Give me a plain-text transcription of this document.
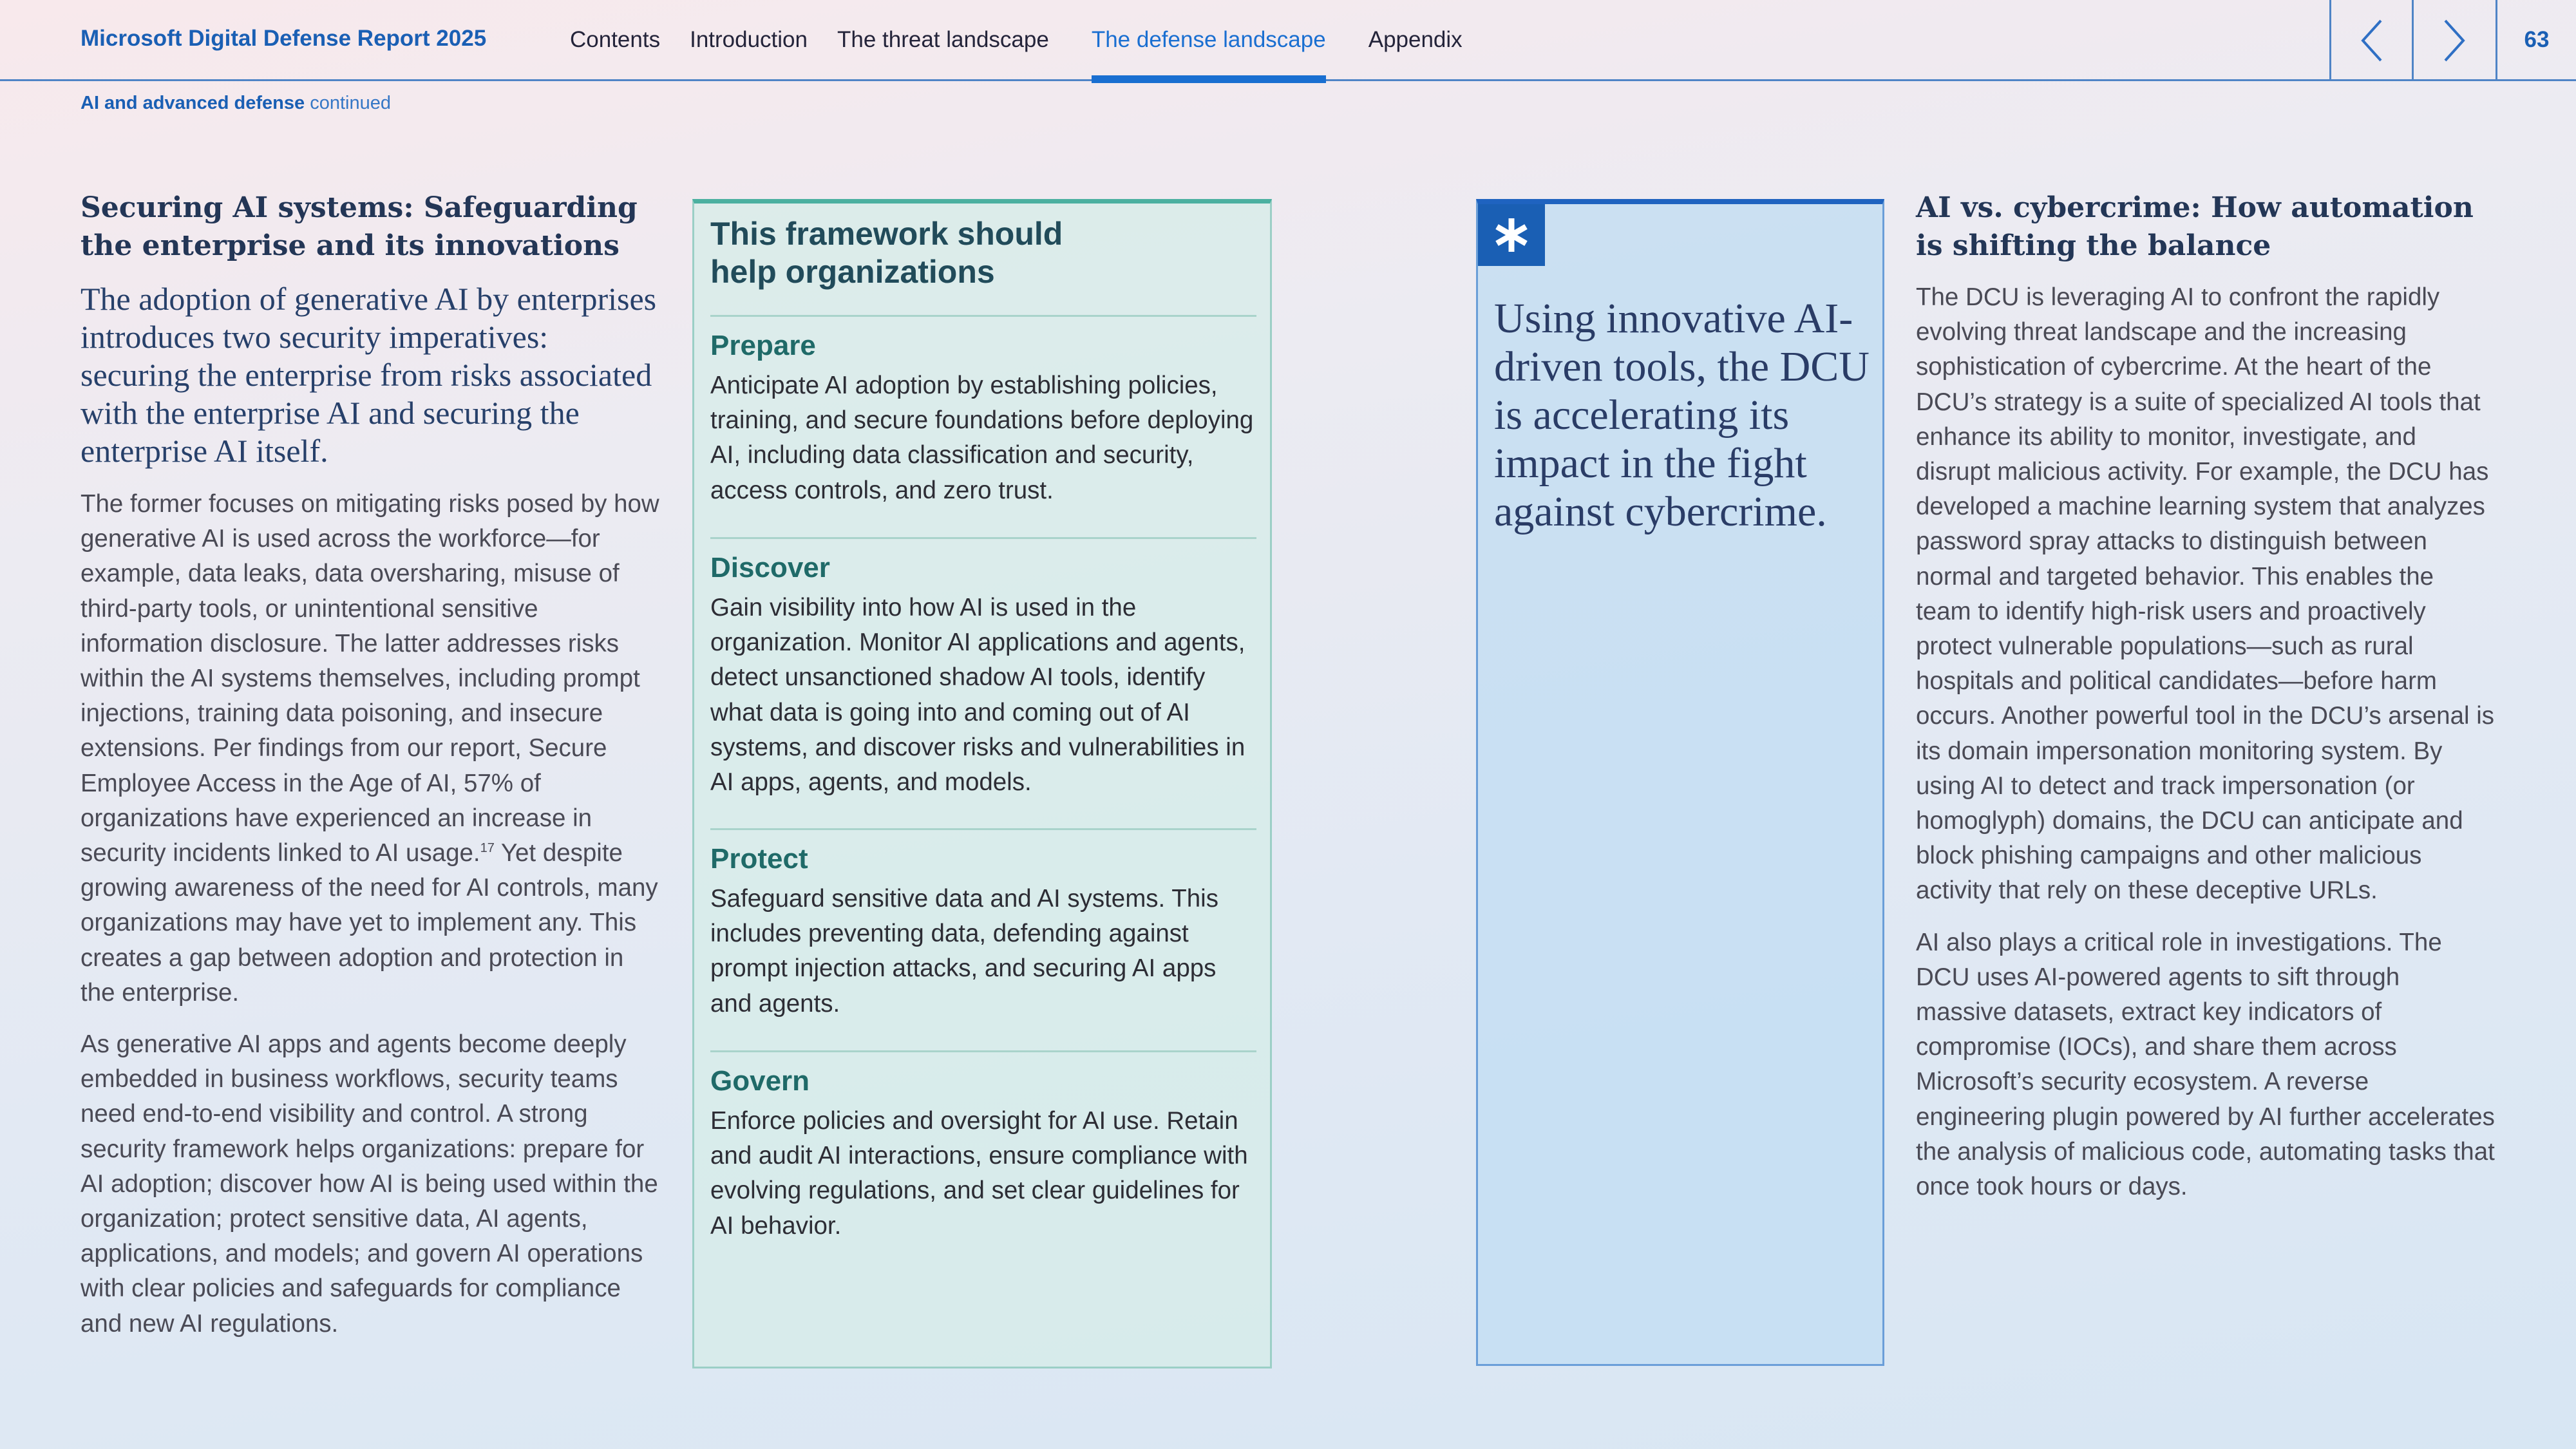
Microsoft Digital Defense Report 2025	Contents Introduction The threat landscape The defense landscape Appendix	63
AI and advanced defense continued
Securing AI systems: Safeguarding the enterprise and its innovations
The adoption of generative AI by enterprises introduces two security imperatives: securing the enterprise from risks associated with the enterprise AI and securing the enterprise AI itself.
The former focuses on mitigating risks posed by how generative AI is used across the workforce—for example, data leaks, data oversharing, misuse of third-party tools, or unintentional sensitive information disclosure. The latter addresses risks within the AI systems themselves, including prompt injections, training data poisoning, and insecure extensions. Per findings from our report, Secure Employee Access in the Age of AI, 57% of organizations have experienced an increase in security incidents linked to AI usage.$^{17}$ Yet despite growing awareness of the need for AI controls, many organizations may have yet to implement any. This creates a gap between adoption and protection in the enterprise.
As generative AI apps and agents become deeply embedded in business workflows, security teams need end-to-end visibility and control. A strong security framework helps organizations: prepare for AI adoption; discover how AI is being used within the organization; protect sensitive data, AI agents, applications, and models; and govern AI operations with clear policies and safeguards for compliance and new AI regulations.
This framework should
help organizations
Prepare
Anticipate AI adoption by establishing policies, training, and secure foundations before deploying AI, including data classification and security, access controls, and zero trust.
Discover
Gain visibility into how AI is used in the organization. Monitor AI applications and agents, detect unsanctioned shadow AI tools, identify what data is going into and coming out of AI systems, and discover risks and vulnerabilities in AI apps, agents, and models.
Protect
Safeguard sensitive data and AI systems. This includes preventing data, defending against prompt injection attacks, and securing AI apps and agents.
Govern
Enforce policies and oversight for AI use. Retain and audit AI interactions, ensure compliance with evolving regulations, and set clear guidelines for AI behavior.
Using innovative AI-driven tools, the DCU is accelerating its impact in the fight against cybercrime.
AI vs. cybercrime: How automation is shifting the balance
The DCU is leveraging AI to confront the rapidly evolving threat landscape and the increasing sophistication of cybercrime. At the heart of the DCU’s strategy is a suite of specialized AI tools that enhance its ability to monitor, investigate, and disrupt malicious activity. For example, the DCU has developed a machine learning system that analyzes password spray attacks to distinguish between normal and targeted behavior. This enables the team to identify high-risk users and proactively protect vulnerable populations—such as rural hospitals and political candidates—before harm occurs. Another powerful tool in the DCU’s arsenal is its domain impersonation monitoring system. By using AI to detect and track impersonation (or homoglyph) domains, the DCU can anticipate and block phishing campaigns and other malicious activity that rely on these deceptive URLs.
AI also plays a critical role in investigations. The DCU uses AI-powered agents to sift through massive datasets, extract key indicators of compromise (IOCs), and share them across Microsoft’s security ecosystem. A reverse engineering plugin powered by AI further accelerates the analysis of malicious code, automating tasks that once took hours or days.
